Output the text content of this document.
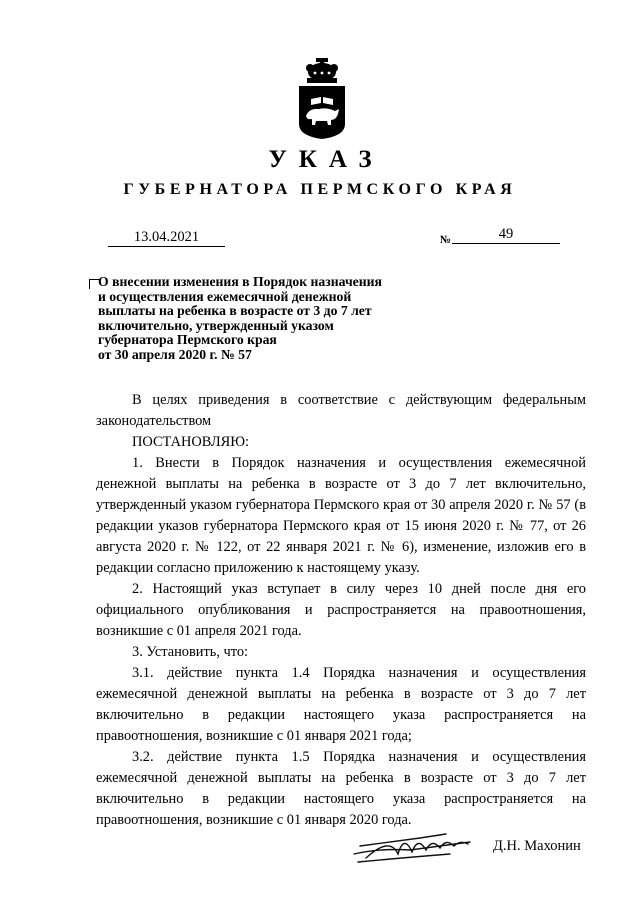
УКАЗ
ГУБЕРНАТОРА ПЕРМСКОГО КРАЯ
13.04.2021	№	49
О внесении изменения в Порядок назначения
и осуществления ежемесячной денежной
выплаты на ребенка в возрасте от 3 до 7 лет
включительно, утвержденный указом
губернатора Пермского края
от 30 апреля 2020 г. № 57

В целях приведения в соответствие с действующим федеральным законодательством

ПОСТАНОВЛЯЮ:

1. Внести в Порядок назначения и осуществления ежемесячной денежной выплаты на ребенка в возрасте от 3 до 7 лет включительно, утвержденный указом губернатора Пермского края от 30 апреля 2020 г. № 57 (в редакции указов губернатора Пермского края от 15 июня 2020 г. № 77, от 26 августа 2020 г. № 122, от 22 января 2021 г. № 6), изменение, изложив его в редакции согласно приложению к настоящему указу.

2. Настоящий указ вступает в силу через 10 дней после дня его официального опубликования и распространяется на правоотношения, возникшие с 01 апреля 2021 года.

3. Установить, что:

3.1. действие пункта 1.4 Порядка назначения и осуществления ежемесячной денежной выплаты на ребенка в возрасте от 3 до 7 лет включительно в редакции настоящего указа распространяется на правоотношения, возникшие с 01 января 2021 года;

3.2. действие пункта 1.5 Порядка назначения и осуществления ежемесячной денежной выплаты на ребенка в возрасте от 3 до 7 лет включительно в редакции настоящего указа распространяется на правоотношения, возникшие с 01 января 2020 года.

Д.Н. Махонин
